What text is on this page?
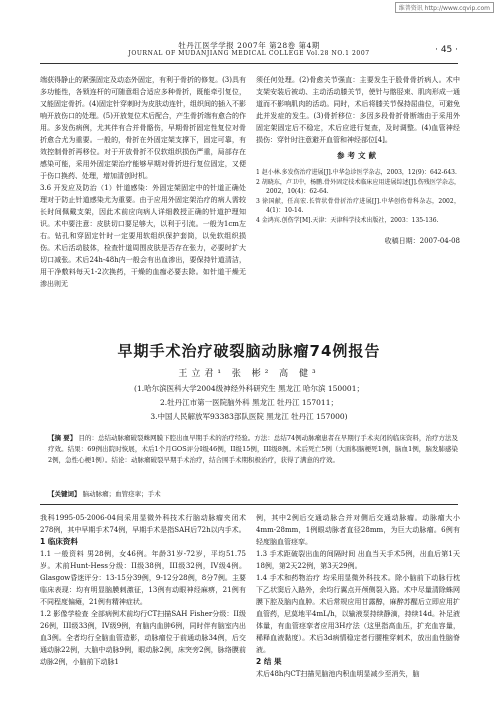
维普资讯 http://www.cqvip.com
牡丹江医学学报 2007年 第28卷 第4期
JOURNAL OF MUDANJIANG MEDICAL COLLEGE Vol.28 NO.1 2007	· 45 ·

端获得静止的紧强固定及动态外固定，有利于骨折的修复。(3)具有多功能性，各锁连杆的可随意组合适应多种骨折，既能牵引复位，又能固定骨折。(4)固定针穿刺时为皮肤动连针，组织间的插入不影响开放伤口的处理。(5)开放复位术后配合，产生骨折端有愈合的作用。多发伤病例，尤其伴有合并骨骼伤，早期骨折固定性复位对骨折愈合尤为重要。一般的，骨折在外固定架支撑下，固定可靠，有效控制骨折再移位。对于开放骨折不仅软组织损伤严重，局部存在感染可能，采用外固定架治疗能够早期对骨折进行复位固定，又便于伤口换药、处理，增加清创时机。

3.6 开发应及防治（1）针道感染：外固定架固定中的针道正确处理对于防止针道感染尤为重要。由于应用外固定架治疗的病人需较长时间佩戴支架，因此术前应向病人详细教授正确的针道护理知识。术中要注意：皮肤切口要足够大，以利于引流。一般为1cm左右。钻孔和穿固定针时一定要用软组织保护套筒，以免软组织损伤。术后活动肢体，检查针道周围皮肤是否存在张力，必要时扩大切口减张。术后24h-48h内一般会有出血渗出，要保持针道清洁，用干净敷料每天1-2次换药，干燥的血痂必要去除。如针道干燥无渗出则无

须任何处理。(2)骨愈关节强直：主要发生于股骨骨折病人。术中支架安装后被动、主动活动膝关节，使针与髂胫束、肌肉形成一通道而不影响肌肉的活动。同时，术后将膝关节保持屈曲位，可避免此并发症的发生。(3)骨折移位：多因多段骨折骨断端由于采用外固定架固定后不稳定，术后应进行复查，及时调整。(4)血管神经损伤：穿针时注意避开血管和神经部位[4]。

参考文献

1 赵小林.多发伤治疗进展[J].中华急诊医学杂志，2003，12(9)：642-643.

2 胡晓东，卢卫中，杨鹏.骨外固定技术临床应用进展综述[J].伤残医学杂志，2002，10(4)：62-64.

3 徐国献，任高宏.长管状骨骨折治疗进展[J].中华创伤骨科杂志，2002，4(1)：10-14.

4 金鸿宾.创伤学[M].天津：天津科学技术出版社，2003：135-136.

收稿日期：2007-04-08
早期手术治疗破裂脑动脉瘤74例报告
王立君¹ 张 彬² 高 健³
(1.哈尔滨医科大学2004级神经外科研究生 黑龙江 哈尔滨 150001；
2.牡丹江市第一医院脑外科 黑龙江 牡丹江 157011；
3.中国人民解放军93383部队医院 黑龙江 牡丹江 157000)
【摘 要】 目的：总结动脉瘤破裂蛛网膜下腔出血早期手术的治疗经验。方法：总结74例动脉瘤患者在早期行手术夹闭的临床资料，治疗方法及疗效。结果：69例出院时恢展，术后1个月GOS评分I级46例，II级15例，III级8例。术后死亡5例（大面积脑梗死1例，脑血1例，脑发肺感染2例，急性心梗1例）。结论：动脉瘤破裂早期手术治疗，结合围手术期积极治疗，获得了满意的疗效。
【关键词】 脑动脉瘤；血管痉挛；手术

我科1995-05-2006-04间采用显微外科技术行脑动脉瘤夹闭术278例，其中早期手术74例，早期手术是指SAH后72h以内手术。

1 临床资料

1.1 一般资料 男28例，女46例。年龄31岁-72岁，平均51.75岁。术前Hunt-Hess分级：II级38例，III级32例，IV级4例。Glasgow昏迷评分：13-15分39例，9-12分28例，8分7例。主要临床表现：均有明显脑膜刺激征，13例有动眼神经麻痹，21例有不同程度偏瘫，21例有精神症状。

1.2 影像学检查 全部病例术前均行CT扫描SAH Fisher分级：II级26例，III级33例，IV级9例，有脑内血肿6例，同时伴有脑室内出血3例。全者均行全脑血管造影，动脉瘤位于前通动脉34例，后交通动脉22例，大脑中动脉9例，眼动脉2例，床突旁2例，脉络膜前动脉2例，小脑前下动脉1

例，其中2例后交通动脉合并对侧后交通动脉瘤。动脉瘤大小4mm-28mm，1例眼动脉者直径28mm，为巨大动脉瘤。6例有轻度脑血管痉挛。

1.3 手术距破裂出血的间隔时间 出血当天手术5例，出血后第1天18例，第2天22例，第3天29例。

1.4 手术和药物治疗 均采用显微外科技术。除小脑前下动脉行枕下乙状窦后入路外，余均行翼点开颅侧裂入路。术中尽量清除蛛网膜下腔及脑内血肿。术后常规应用甘露醇，麻醉苏醒后立即应用扩血管药，尼莫地平4mL/h，以输液泵持续静滴，持续14d。补足液体量，有血管痉挛者应用3H疗法（这里指高血压，扩充血容量，稀释血液黏度）。术后3d病情稳定者行腰椎穿刺术，放出血性脑脊液。

2 结 果

术后48h内CT扫描见脑池内积血明显减少至消失，脑
